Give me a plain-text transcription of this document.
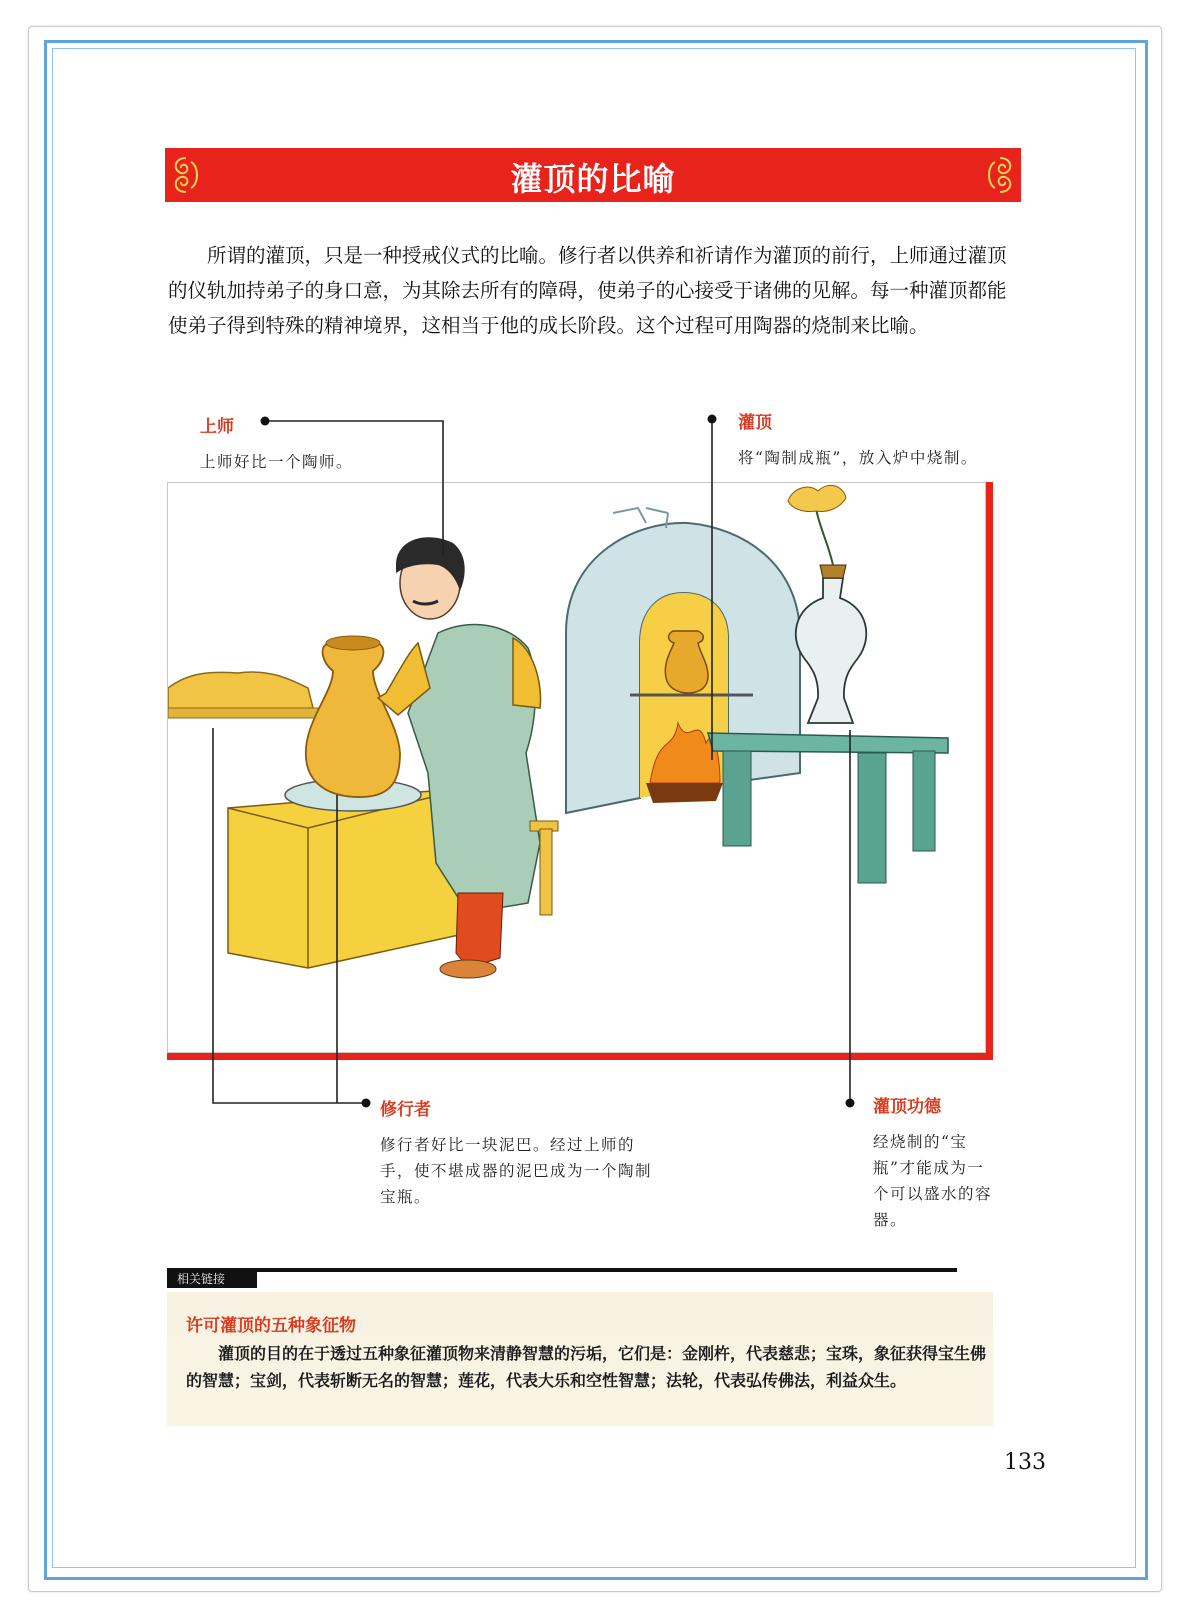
灌顶的比喻

所谓的灌顶，只是一种授戒仪式的比喻。修行者以供养和祈请作为灌顶的前行，上师通过灌顶的仪轨加持弟子的身口意，为其除去所有的障碍，使弟子的心接受于诸佛的见解。每一种灌顶都能使弟子得到特殊的精神境界，这相当于他的成长阶段。这个过程可用陶器的烧制来比喻。

上师
上师好比一个陶师。
灌顶
将“陶制成瓶”，放入炉中烧制。
修行者
修行者好比一块泥巴。经过上师的手，使不堪成器的泥巴成为一个陶制宝瓶。
灌顶功德
经烧制的“宝瓶”才能成为一个可以盛水的容器。
相关链接
许可灌顶的五种象征物

灌顶的目的在于透过五种象征灌顶物来清静智慧的污垢，它们是：金刚杵，代表慈悲；宝珠，象征获得宝生佛的智慧；宝剑，代表斩断无名的智慧；莲花，代表大乐和空性智慧；法轮，代表弘传佛法，利益众生。

133
